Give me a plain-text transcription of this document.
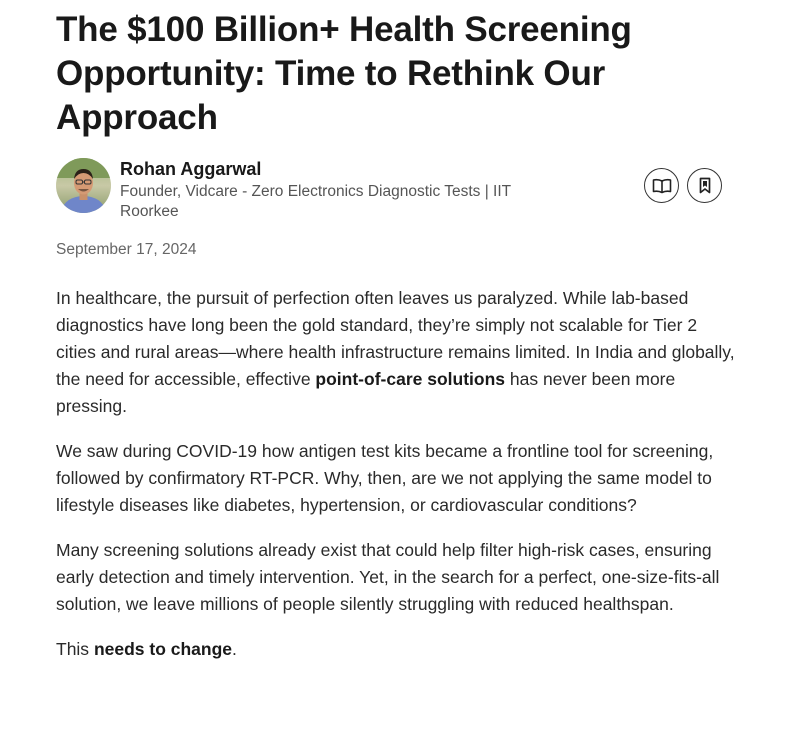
The $100 Billion+ Health Screening Opportunity: Time to Rethink Our Approach
Rohan Aggarwal
Founder, Vidcare - Zero Electronics Diagnostic Tests | IIT Roorkee
September 17, 2024

In healthcare, the pursuit of perfection often leaves us paralyzed. While lab-based diagnostics have long been the gold standard, they’re simply not scalable for Tier 2 cities and rural areas—where health infrastructure remains limited. In India and globally, the need for accessible, effective point-of-care solutions has never been more pressing.

We saw during COVID-19 how antigen test kits became a frontline tool for screening, followed by confirmatory RT-PCR. Why, then, are we not applying the same model to lifestyle diseases like diabetes, hypertension, or cardiovascular conditions?

Many screening solutions already exist that could help filter high-risk cases, ensuring early detection and timely intervention. Yet, in the search for a perfect, one-size-fits-all solution, we leave millions of people silently struggling with reduced healthspan.

This needs to change.
